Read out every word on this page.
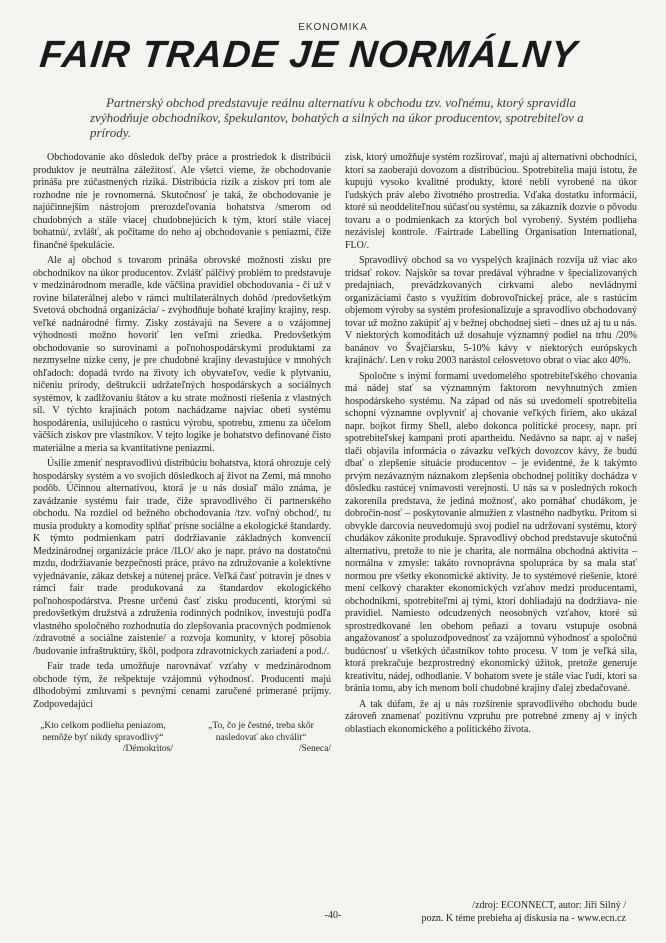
EKONOMIKA
FAIR TRADE JE NORMÁLNY
Partnerský obchod predstavuje reálnu alternatívu k obchodu tzv. voľnému, ktorý spravidla zvýhodňuje obchodníkov, špekulantov, bohatých a silných na úkor producentov, spotrebiteľov a prírody.

Obchodovanie ako dôsledok deľby práce a prostriedok k distribúcii produktov je neutrálna záležitosť. Ale všetci vieme, že obchodovanie prináša pre zúčastnených riziká. Distribúcia rizík a ziskov pri tom ale rozhodne nie je rovnomerná. Skutočnosť je taká, že obchodovanie je najúčinnejším nástrojom prerozdeľovania bohatstva /smerom od chudobných a stále viacej chudobnejúcich k tým, ktorí stále viacej bohatnú/, zvlášť, ak počítame do neho aj obchodovanie s peniazmi, čiže finančné špekulácie.

Ale aj obchod s tovarom prináša obrovské možnosti zisku pre obchodníkov na úkor producentov. Zvlášť pálčivý problém to predstavuje v medzinárodnom meradle, kde väčšina pravidiel obchodovania - či už v rovine bilaterálnej alebo v rámci multilaterálnych dohôd /predovšetkým Svetová obchodná organizácia/ - zvýhodňuje bohaté krajiny krajiny, resp. veľké nadnárodné firmy. Zisky zostávajú na Severe a o vzájomnej výhodnosti možno hovoriť len veľmi zriedka. Predovšetkým obchodovanie so surovinami a poľnohospodárskymi produktami za nezmyselne nízke ceny, je pre chudobné krajiny devastujúce v mnohých ohľadoch: dopadá tvrdo na životy ich obyvateľov, vedie k plytvaniu, ničeniu prírody, deštrukcii udržateľných hospodárskych a sociálnych systémov, k zadlžovaniu štátov a ku strate možnosti riešenia z vlastných síl. V týchto krajinách potom nachádzame najviac obetí systému hospodárenia, usilujúceho o rastúcu výrobu, spotrebu, zmenu za účelom väčších ziskov pre vlastníkov. V tejto logike je bohatstvo definované čisto materiálne a meria sa kvantitatívne peniazmi.

Úsilie zmeniť nespravodlivú distribúciu bohatstva, ktorá ohrozuje celý hospodársky systém a vo svojich dôsledkoch aj život na Zemi, má mnoho podôb. Účinnou alternatívou, ktorá je u nás dosiaľ málo známa, je zavádzanie systému fair trade, čiže spravodlivého či partnerského obchodu. Na rozdiel od bežného obchodovania /tzv. voľný obchod/, tu musia produkty a komodity splňať prísne sociálne a ekologické štandardy. K týmto podmienkam patrí dodržiavanie základných konvencií Medzinárodnej organizácie práce /ILO/ ako je napr. právo na dostatočnú mzdu, dodržiavanie bezpečnosti práce, právo na združovanie a kolektívne vyjednávanie, zákaz detskej a nútenej práce. Veľká časť potravín je dnes v rámci fair trade produkovaná za štandardov ekologického poľnohospodárstva. Presne určenú časť zisku producenti, ktorými sú predovšetkým družstvá a združenia rodinných podnikov, investujú podľa vlastného spoločného rozhodnutia do zlepšovania pracovných podmienok /zdravotné a sociálne zaistenie/ a rozvoja komunity, v ktorej pôsobia /budovanie infraštruktúry, škôl, podpora zdravotníckych zariadení a pod./.

Fair trade teda umožňuje narovnávať vzťahy v medzinárodnom obchode tým, že rešpektuje vzájomnú výhodnosť. Producenti majú dlhodobými zmluvami s pevnými cenami zaručené primerané príjmy. Zodpovedajúci

„Kto celkom podlieha peniazom, nemôže byť nikdy spravodlivý“
/Démokritos/
„To, čo je čestné, treba skôr nasledovať ako chválit“
/Seneca/

zisk, ktorý umožňuje systém rozširovať, majú aj alternatívni obchodníci, ktorí sa zaoberajú dovozom a distribúciou. Spotrebitelia majú istotu, že kupujú vysoko kvalitné produkty, ktoré nebli vyrobené na úkor ľudských práv alebo životného prostredia. Vďaka dostatku informácií, ktoré sú neoddeliteľnou súčasťou systému, sa zákazník dozvie o pôvodu tovaru a o podmienkach za ktorých bol vyrobený. Systém podlieha nezávislej kontrole. /Fairtrade Labelling Organisation International, FLO/.

Spravodlivý obchod sa vo vyspelých krajinách rozvíja už viac ako tridsať rokov. Najskôr sa tovar predával výhradne v špecializovaných predajniach, prevádzkovaných cirkvami alebo nevládnymi organizáciami často s využitím dobrovoľníckej práce, ale s rastúcim objemom výroby sa systém profesionalizuje a spravodlivo obchodovaný tovar už možno zakúpiť aj v bežnej obchodnej sieti – dnes už aj tu u nás. V niektorých komoditách už dosahuje významný podiel na trhu /20% banánov vo Švajčiarsku, 5-10% kávy v niektorých európskych krajinách/. Len v roku 2003 narástol celosvetovo obrat o viac ako 40%.

Spoločne s inými formami uvedomelého spotrebiteľského chovania má nádej stať sa významným faktorom nevyhnutných zmien hospodárskeho systému. Na západ od nás sú uvedomelí spotrebitelia schopní významne ovplyvniť aj chovanie veľkých firiem, ako ukázal napr. bojkot firmy Shell, alebo dokonca politické procesy, napr. pri spotrebiteľskej kampani proti apartheidu. Nedávno sa napr. aj v našej tlači objavila informácia o závazku veľkých dovozcov kávy, že budú dbať o zlepšenie situácie producentov – je evidentné, že k takýmto prvým nezávazným náznakom zlepšenia obchodnej politiky dochádza v dôsledku rastúcej vnímavosti verejnosti. U nás sa v posledných rokoch zakorenila predstava, že jediná možnosť, ako pomáhať chudákom, je dobročin-nosť – poskytovanie almužien z vlastného nadbytku. Pritom si obvykle darcovia neuvedomujú svoj podiel na udržovaní systému, ktorý chudákov zákonite produkuje. Spravodlivý obchod predstavuje skutočnú alternatívu, pretože to nie je charita, ale normálna obchodná aktivita – normálna v zmysle: takáto rovnoprávna spolupráca by sa mala stať normou pre všetky ekonomické aktivity. Je to systémové riešenie, ktoré mení celkový charakter ekonomických vzťahov medzi producentami, obchodníkmi, spotrebiteľmi aj tými, ktorí dohliadajú na dodržiava- nie pravidiel. Namiesto odcudzených neosobných vzťahov, ktoré sú sprostredkované len obehom peňazí a tovaru vstupuje osobná angažovanosť a spoluzodpovednosť za vzájomnú výhodnosť a spoločnú budúcnosť u všetkých účastníkov tohto procesu. V tom je veľká sila, ktorá prekračuje bezprostredný ekonomický úžitok, pretože generuje kreativitu, nádej, odhodlanie. V bohatom svete je stále viac ľudí, ktorí sa bránia tomu, aby ich menom boli chudobné krajiny ďalej zbedačované.

A tak dúfam, že aj u nás rozšírenie spravodlivého obchodu bude zároveň znamenať pozitívnu vzpruhu pre potrebné zmeny aj v iných oblastiach ekonomického a politického života.

-40-
/zdroj: ECONNECT, autor: Jiří Silný /
pozn. K téme prebieha aj diskusia na - www.ecn.cz
